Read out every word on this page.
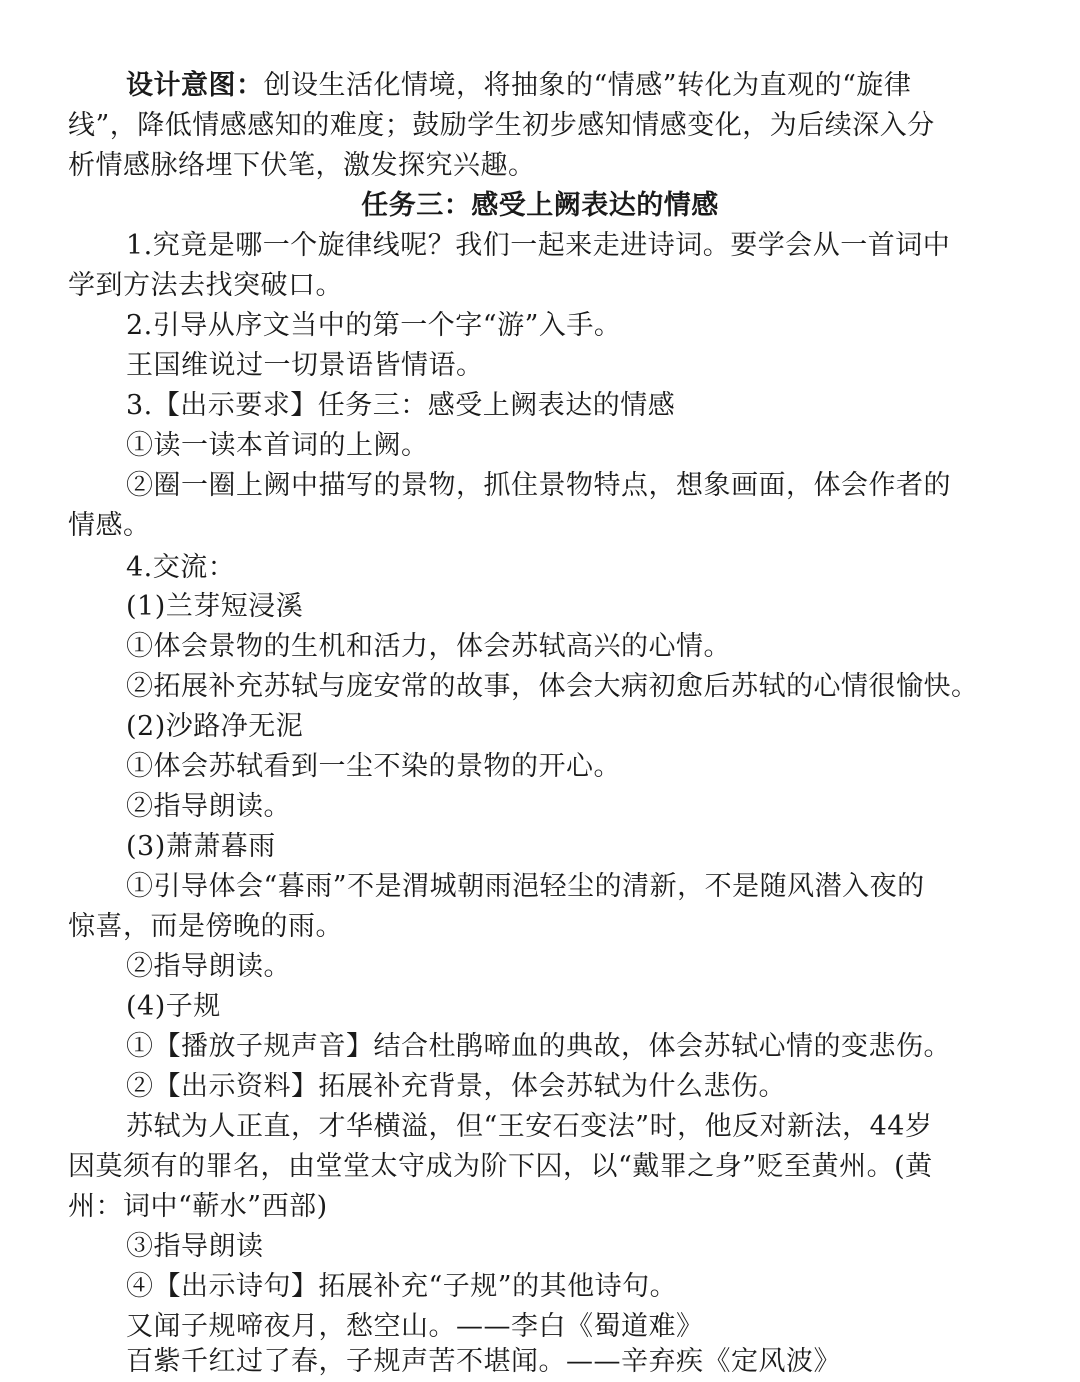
设计意图：创设生活化情境，将抽象的“情感”转化为直观的“旋律
线”，降低情感感知的难度；鼓励学生初步感知情感变化，为后续深入分
析情感脉络埋下伏笔，激发探究兴趣。
任务三：感受上阙表达的情感
1.究竟是哪一个旋律线呢？我们一起来走进诗词。要学会从一首词中
学到方法去找突破口。
2.引导从序文当中的第一个字“游”入手。
王国维说过一切景语皆情语。
3.【出示要求】任务三：感受上阙表达的情感
①读一读本首词的上阙。
②圈一圈上阙中描写的景物，抓住景物特点，想象画面，体会作者的
情感。
4.交流：
(1)兰芽短浸溪
①体会景物的生机和活力，体会苏轼高兴的心情。
②拓展补充苏轼与庞安常的故事，体会大病初愈后苏轼的心情很愉快。
(2)沙路净无泥
①体会苏轼看到一尘不染的景物的开心。
②指导朗读。
(3)萧萧暮雨
①引导体会“暮雨”不是渭城朝雨浥轻尘的清新，不是随风潜入夜的
惊喜，而是傍晚的雨。
②指导朗读。
(4)子规
①【播放子规声音】结合杜鹃啼血的典故，体会苏轼心情的变悲伤。
②【出示资料】拓展补充背景，体会苏轼为什么悲伤。
苏轼为人正直，才华横溢，但“王安石变法”时，他反对新法，44岁
因莫须有的罪名，由堂堂太守成为阶下囚，以“戴罪之身”贬至黄州。(黄
州：词中“蕲水”西部)
③指导朗读
④【出示诗句】拓展补充“子规”的其他诗句。
又闻子规啼夜月，愁空山。——李白《蜀道难》
百紫千红过了春，子规声苦不堪闻。——辛弃疾《定风波》
